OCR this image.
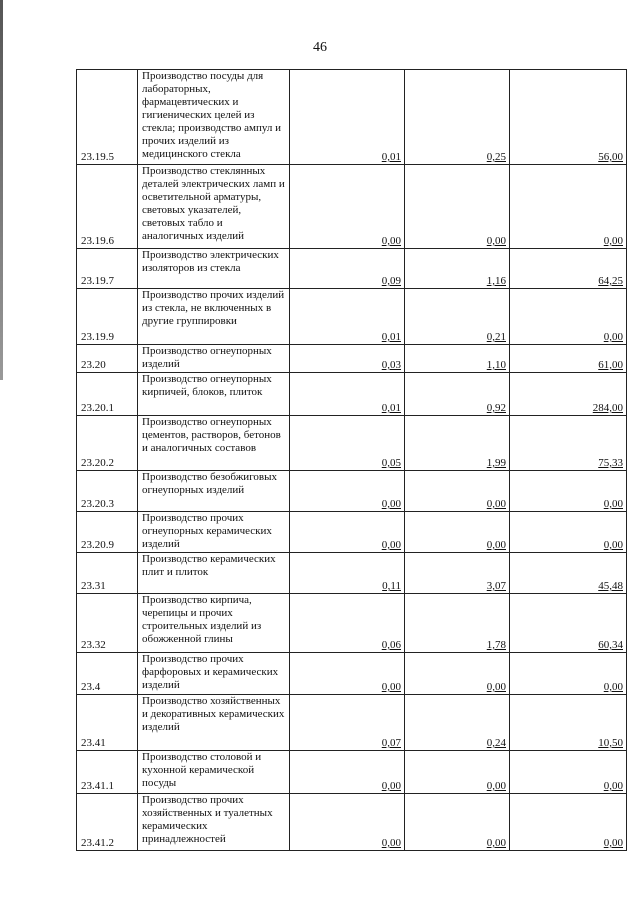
46
23.19.5	Производство посуды для лабораторных, фармацевтических и гигиенических целей из стекла; производство ампул и прочих изделий из медицинского стекла	0,01	0,25	56,00

23.19.6	Производство стеклянных деталей электрических ламп и осветительной арматуры, световых указателей, световых табло и аналогичных изделий	0,00	0,00	0,00

23.19.7	Производство электрических изоляторов из стекла	0,09	1,16	64,25

23.19.9	Производство прочих изделий из стекла, не включенных в другие группировки	0,01	0,21	0,00

23.20	Производство огнеупорных изделий	0,03	1,10	61,00

23.20.1	Производство огнеупорных кирпичей, блоков, плиток	0,01	0,92	284,00

23.20.2	Производство огнеупорных цементов, растворов, бетонов и аналогичных составов	0,05	1,99	75,33

23.20.3	Производство безобжиговых огнеупорных изделий	0,00	0,00	0,00

23.20.9	Производство прочих огнеупорных керамических изделий	0,00	0,00	0,00

23.31	Производство керамических плит и плиток	0,11	3,07	45,48

23.32	Производство кирпича, черепицы и прочих строительных изделий из обожженной глины	0,06	1,78	60,34

23.4	Производство прочих фарфоровых и керамических изделий	0,00	0,00	0,00

23.41	Производство хозяйственных и декоративных керамических изделий	0,07	0,24	10,50

23.41.1	Производство столовой и кухонной керамической посуды	0,00	0,00	0,00

23.41.2	Производство прочих хозяйственных и туалетных керамических принадлежностей	0,00	0,00	0,00
